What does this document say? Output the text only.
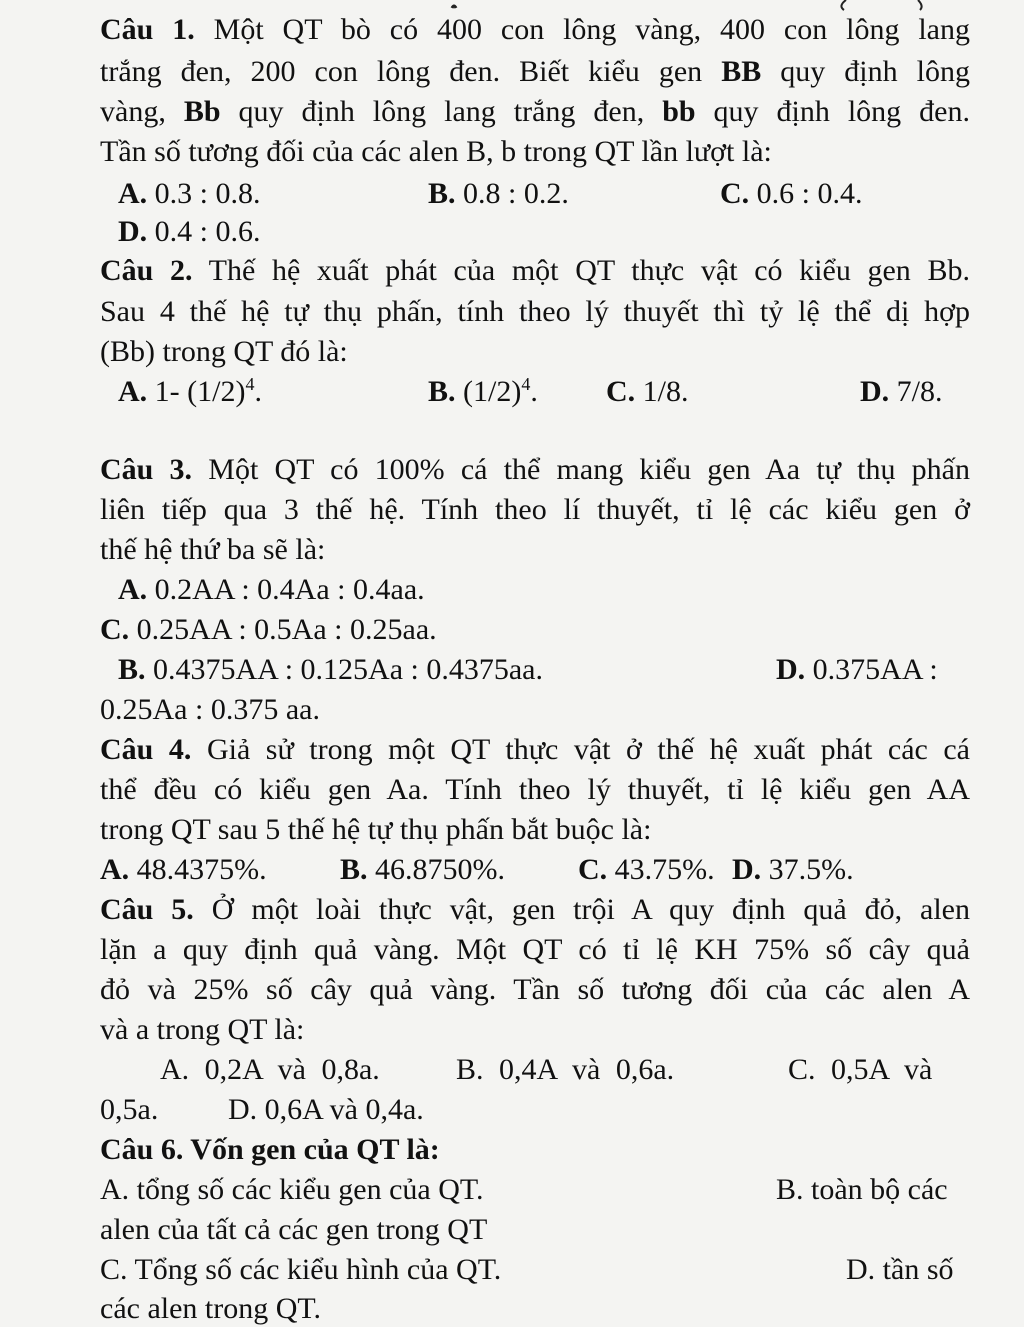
Câu 1. Một QT bò có 400 con lông vàng, 400 con lông lang
trắng đen, 200 con lông đen. Biết kiểu gen BB quy định lông
vàng, Bb quy định lông lang trắng đen, bb quy định lông đen.
Tần số tương đối của các alen B, b trong QT lần lượt là:
A. 0.3 : 0.8.	B. 0.8 : 0.2.	C. 0.6 : 0.4.
D. 0.4 : 0.6.
Câu 2. Thế hệ xuất phát của một QT thực vật có kiểu gen Bb.
Sau 4 thế hệ tự thụ phấn, tính theo lý thuyết thì tỷ lệ thể dị hợp
(Bb) trong QT đó là:
A. 1- $(1/2)^4$.	B. $(1/2)^4$. C. 1/8.	D. 7/8.
Câu 3. Một QT có 100% cá thể mang kiểu gen Aa tự thụ phấn
liên tiếp qua 3 thế hệ. Tính theo lí thuyết, tỉ lệ các kiểu gen ở
thế hệ thứ ba sẽ là:
A. 0.2AA : 0.4Aa : 0.4aa.
C. 0.25AA : 0.5Aa : 0.25aa.
B. 0.4375AA : 0.125Aa : 0.4375aa.	D. 0.375AA :
0.25Aa : 0.375 aa.
Câu 4. Giả sử trong một QT thực vật ở thế hệ xuất phát các cá
thể đều có kiểu gen Aa. Tính theo lý thuyết, tỉ lệ kiểu gen AA
trong QT sau 5 thế hệ tự thụ phấn bắt buộc là:
A. 48.4375%. B. 46.8750%. C. 43.75%. D. 37.5%.
Câu 5. Ở một loài thực vật, gen trội A quy định quả đỏ, alen
lặn a quy định quả vàng. Một QT có tỉ lệ KH 75% số cây quả
đỏ và 25% số cây quả vàng. Tần số tương đối của các alen A
và a trong QT là:
A. 0,2A và 0,8a.	B. 0,4A và 0,6a.	C. 0,5A và
0,5a. D. 0,6A và 0,4a.
Câu 6. Vốn gen của QT là:
A. tổng số các kiểu gen của QT.	B. toàn bộ các
alen của tất cả các gen trong QT
C. Tổng số các kiểu hình của QT.	D. tần số
các alen trong QT.
